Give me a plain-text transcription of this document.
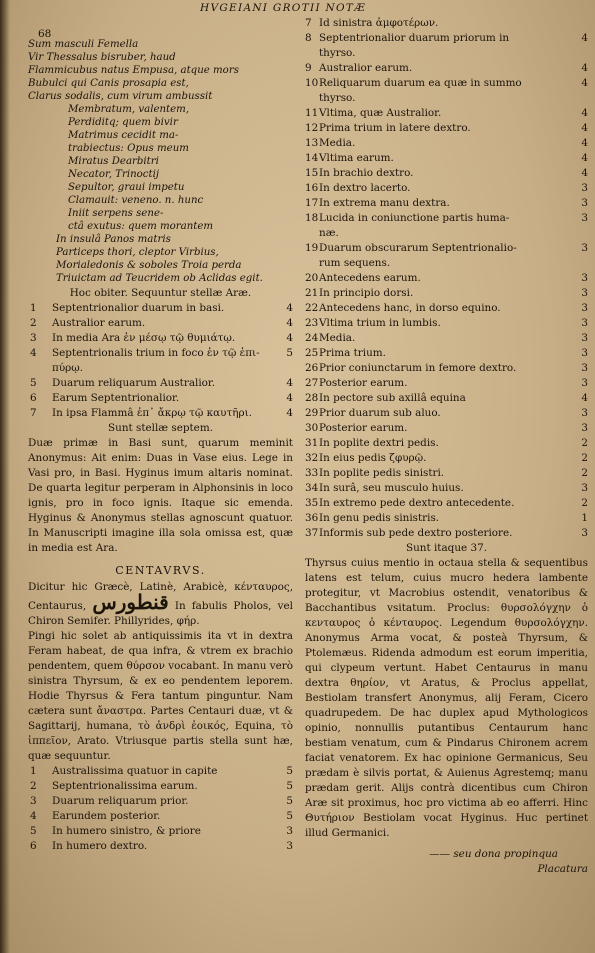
68
HVGEIANI GROTII NOTÆ
Sum masculi Femella
Vir Thessalus bisruber, haud
Flammicubus natus Empusa, atque mors
Bubulci qui Canis prosapia est,
Clarus sodalis, cum virum ambussit
Membratum, valentem,
Perdiditq; quem bivir
Matrimus cecidit ma-
trabiectus: Opus meum
Miratus Dearbitri
Necator, Trinoctij
Sepultor, graui impetu
Clamauit: veneno. n. hunc
Iniit serpens sene-
ctâ exutus: quem morantem
In insulâ Panos matris
Particeps thori, cleptor Virbius,
Morialedonis & soboles Troia perda
Triuictam ad Teucridem ob Aclidas egit.
Hoc obiter. Sequuntur stellæ Aræ.
1 Septentrionalior duarum in basi.	4
2 Australior earum.	4
3 In media Ara ἐν μέσῳ τῷ θυμιάτῳ.	4
4 Septentrionalis trium in foco ἐν τῷ ἐπι-	5
πύρῳ.
5 Duarum reliquarum Australior.	4
6 Earum Septentrionalior.	4
7 In ipsa Flammâ ἐπ᾽ ἄκρῳ τῷ καυτῆρι.	4
Sunt stellæ septem.
Duæ primæ in Basi sunt, quarum meminit Anonymus: Ait enim: Duas in Vase eius. Lege in Vasi pro, in Basi. Hyginus imum altaris nominat. De quarta legitur perperam in Alphonsinis in loco ignis, pro in foco ignis. Itaque sic emenda. Hyginus & Anonymus stellas agnoscunt quatuor. In Manuscripti imagine illa sola omissa est, quæ in media est Ara.
CENTAVRVS.
Dicitur hic Græcè, Latinè, Arabicè, κένταυρος, Centaurus, قنطورس In fabulis Pholos, vel Chiron Semifer. Phillyrides, φήρ.
Pingi hic solet ab antiquissimis ita vt in dextra Feram habeat, de qua infra, & vtrem ex brachio pendentem, quem θύρσον vocabant. In manu verò sinistra Thyrsum, & ex eo pendentem leporem. Hodie Thyrsus & Fera tantum pinguntur. Nam cætera sunt ἄναστρα. Partes Centauri duæ, vt & Sagittarij, humana, τὸ ἀνδρὶ ἐοικός, Equina, τὸ ἱππεῖον, Arato. Vtriusque partis stella sunt hæ, quæ sequuntur.
1 Australissima quatuor in capite	5
2 Septentrionalissima earum.	5
3 Duarum reliquarum prior.	5
4 Earundem posterior.	5
5 In humero sinistro, & priore	3
6 In humero dextro.	3
7 Id sinistra ἀμφοτέρων.
8 Septentrionalior duarum priorum in	4
thyrso.
9 Australior earum.	4
10 Reliquarum duarum ea quæ in summo	4
thyrso.
11 Vltima, quæ Australior.	4
12 Prima trium in latere dextro.	4
13 Media.	4
14 Vltima earum.	4
15 In brachio dextro.	4
16 In dextro lacerto.	3
17 In extrema manu dextra.	3
18 Lucida in coniunctione partis huma-	3
næ.
19 Duarum obscurarum Septentrionalio-	3
rum sequens.
20 Antecedens earum.	3
21 In principio dorsi.	3
22 Antecedens hanc, in dorso equino.	3
23 Vltima trium in lumbis.	3
24 Media.	3
25 Prima trium.	3
26 Prior coniunctarum in femore dextro.	3
27 Posterior earum.	3
28 In pectore sub axillâ equina	4
29 Prior duarum sub aluo.	3
30 Posterior earum.	3
31 In poplite dextri pedis.	2
32 In eius pedis ζφυρῷ.	2
33 In poplite pedis sinistri.	2
34 In surâ, seu musculo huius.	3
35 In extremo pede dextro antecedente.	2
36 In genu pedis sinistris.	1
37 Informis sub pede dextro posteriore.	3
Sunt itaque 37.
Thyrsus cuius mentio in octaua stella & sequentibus latens est telum, cuius mucro hedera lambente protegitur, vt Macrobius ostendit, venatoribus & Bacchantibus vsitatum. Proclus: θυρσολόγχην ὁ κενταυρος ὁ κένταυρος. Legendum θυρσολόγχην. Anonymus Arma vocat, & posteà Thyrsum, & Ptolemæus. Ridenda admodum est eorum imperitia, qui clypeum vertunt. Habet Centaurus in manu dextra θηρίον, vt Aratus, & Proclus appellat, Bestiolam transfert Anonymus, alij Feram, Cicero quadrupedem. De hac duplex apud Mythologicos opinio, nonnullis putantibus Centaurum hanc bestiam venatum, cum & Pindarus Chironem acrem faciat venatorem. Ex hac opinione Germanicus, Seu prædam è silvis portat, & Auienus Agrestemq; manu prædam gerit. Alijs contrà dicentibus cum Chiron Aræ sit proximus, hoc pro victima ab eo afferri. Hinc Θυτήριον Bestiolam vocat Hyginus. Huc pertinet illud Germanici.
—— seu dona propinqua
Placatura
